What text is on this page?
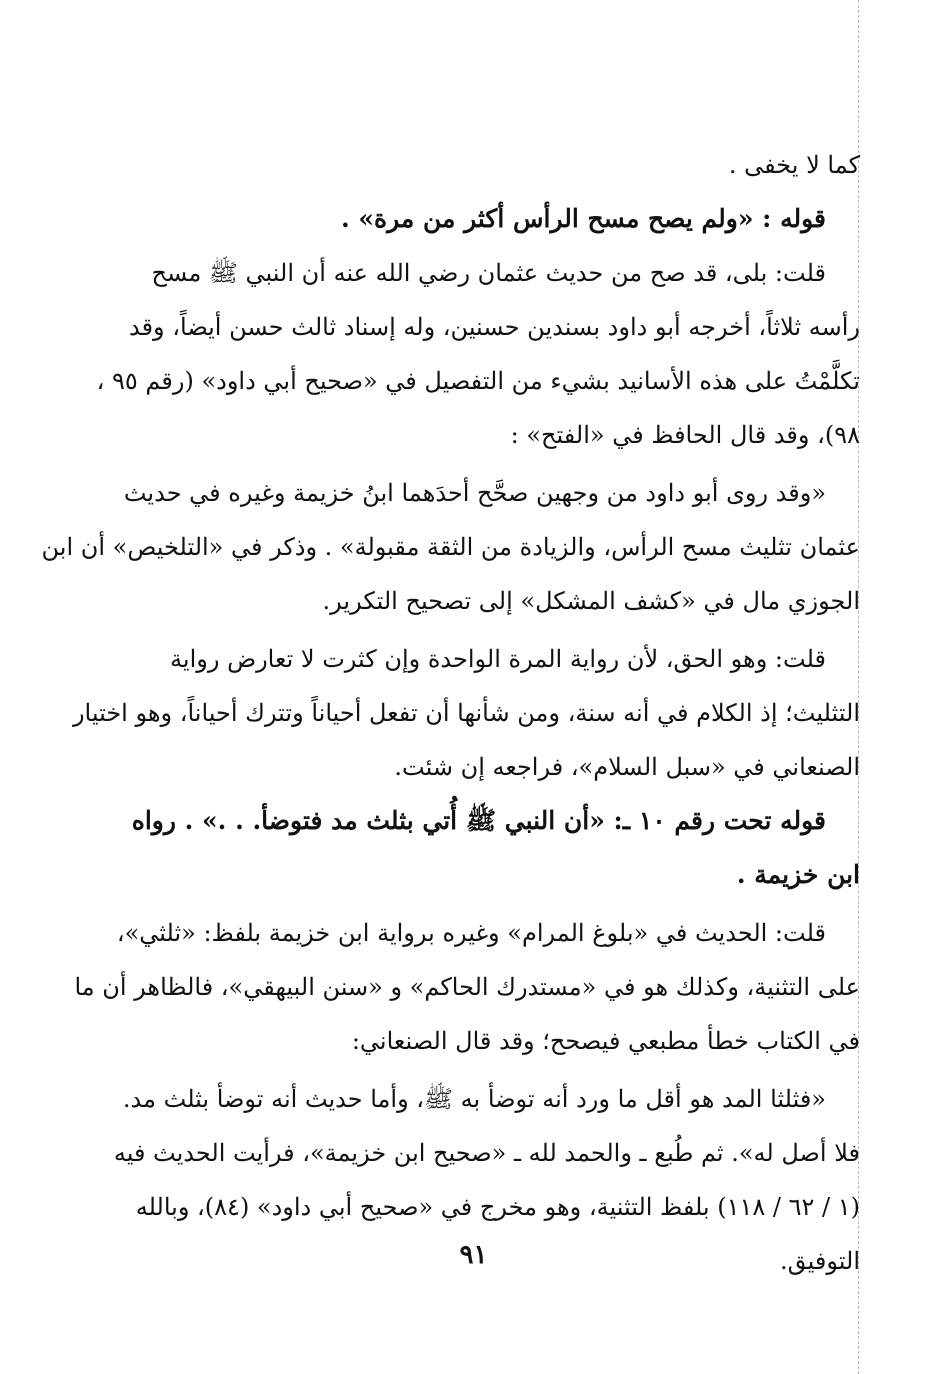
كما لا يخفى .
قوله : «ولم يصح مسح الرأس أكثر من مرة» .
قلت: بلى، قد صح من حديث عثمان رضي الله عنه أن النبي ﷺ مسح
رأسه ثلاثاً، أخرجه أبو داود بسندين حسنين، وله إسناد ثالث حسن أيضاً، وقد
تكلَّمْتُ على هذه الأسانيد بشيء من التفصيل في «صحيح أبي داود» (رقم ٩٥ ،
٩٨)، وقد قال الحافظ في «الفتح» :
«وقد روى أبو داود من وجهين صحَّح أحدَهما ابنُ خزيمة وغيره في حديث
عثمان تثليث مسح الرأس، والزيادة من الثقة مقبولة» . وذكر في «التلخيص» أن ابن
الجوزي مال في «كشف المشكل» إلى تصحيح التكرير.
قلت: وهو الحق، لأن رواية المرة الواحدة وإن كثرت لا تعارض رواية
التثليث؛ إذ الكلام في أنه سنة، ومن شأنها أن تفعل أحياناً وتترك أحياناً، وهو اختيار
الصنعاني في «سبل السلام»، فراجعه إن شئت.
قوله تحت رقم ١٠ ـ: «أن النبي ﷺ أُتي بثلث مد فتوضأ. . .» . رواه
ابن خزيمة .
قلت: الحديث في «بلوغ المرام» وغيره برواية ابن خزيمة بلفظ: «ثلثي»،
على التثنية، وكذلك هو في «مستدرك الحاكم» و «سنن البيهقي»، فالظاهر أن ما
في الكتاب خطأ مطبعي فيصحح؛ وقد قال الصنعاني:
«فثلثا المد هو أقل ما ورد أنه توضأ به ﷺ، وأما حديث أنه توضأ بثلث مد.
فلا أصل له». ثم طُبع ـ والحمد لله ـ «صحيح ابن خزيمة»، فرأيت الحديث فيه
(١ / ٦٢ / ١١٨) بلفظ التثنية، وهو مخرج في «صحيح أبي داود» (٨٤)، وبالله
التوفيق.
٩١
